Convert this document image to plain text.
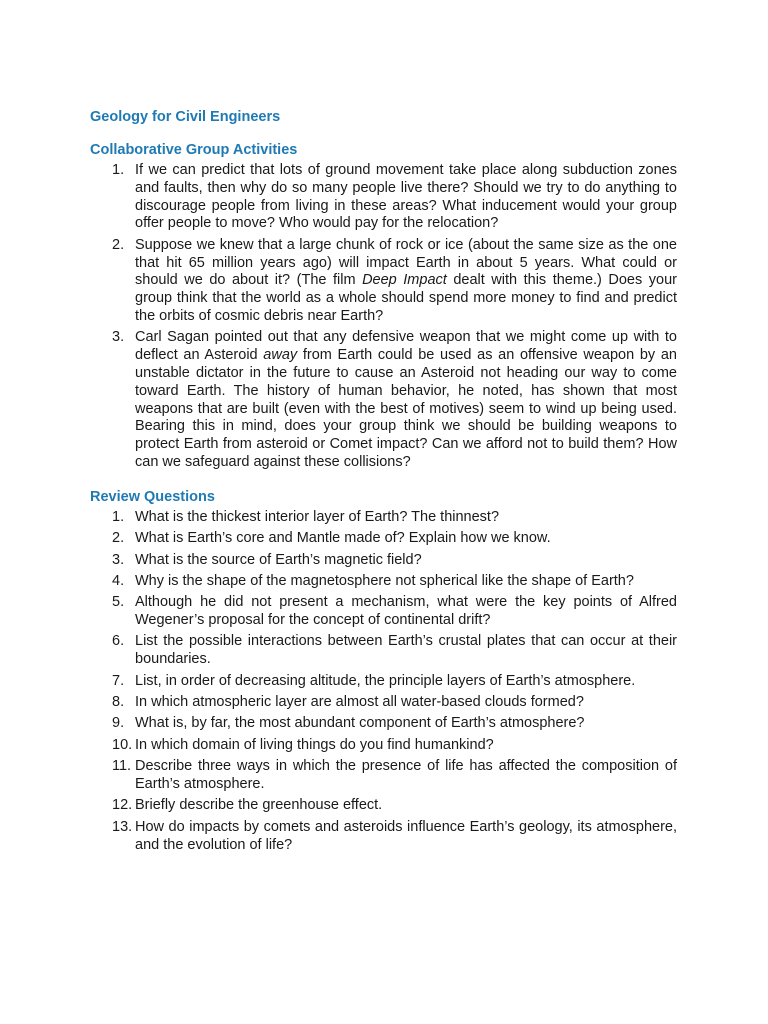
Geology for Civil Engineers
Collaborative Group Activities
1. If we can predict that lots of ground movement take place along subduction zones and faults, then why do so many people live there? Should we try to do anything to discourage people from living in these areas? What inducement would your group offer people to move? Who would pay for the relocation?
2. Suppose we knew that a large chunk of rock or ice (about the same size as the one that hit 65 million years ago) will impact Earth in about 5 years. What could or should we do about it? (The film Deep Impact dealt with this theme.) Does your group think that the world as a whole should spend more money to find and predict the orbits of cosmic debris near Earth?
3. Carl Sagan pointed out that any defensive weapon that we might come up with to deflect an Asteroid away from Earth could be used as an offensive weapon by an unstable dictator in the future to cause an Asteroid not heading our way to come toward Earth. The history of human behavior, he noted, has shown that most weapons that are built (even with the best of motives) seem to wind up being used. Bearing this in mind, does your group think we should be building weapons to protect Earth from asteroid or Comet impact? Can we afford not to build them? How can we safeguard against these collisions?
Review Questions
1. What is the thickest interior layer of Earth? The thinnest?
2. What is Earth’s core and Mantle made of? Explain how we know.
3. What is the source of Earth’s magnetic field?
4. Why is the shape of the magnetosphere not spherical like the shape of Earth?
5. Although he did not present a mechanism, what were the key points of Alfred Wegener’s proposal for the concept of continental drift?
6. List the possible interactions between Earth’s crustal plates that can occur at their boundaries.
7. List, in order of decreasing altitude, the principle layers of Earth’s atmosphere.
8. In which atmospheric layer are almost all water-based clouds formed?
9. What is, by far, the most abundant component of Earth’s atmosphere?
10. In which domain of living things do you find humankind?
11. Describe three ways in which the presence of life has affected the composition of Earth’s atmosphere.
12. Briefly describe the greenhouse effect.
13. How do impacts by comets and asteroids influence Earth’s geology, its atmosphere, and the evolution of life?
